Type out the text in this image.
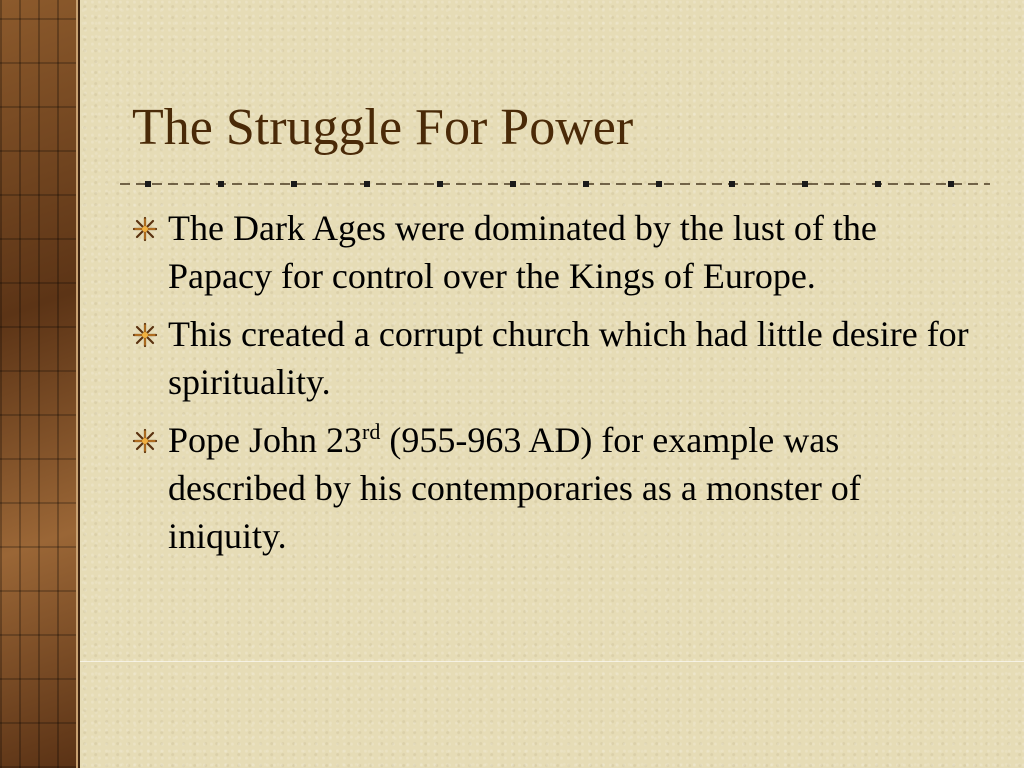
The Struggle For Power
The Dark Ages were dominated by the lust of the Papacy for control over the Kings of Europe.
This created a corrupt church which had little desire for spirituality.
Pope John 23rd (955-963 AD) for example was described by his contemporaries as a monster of iniquity.
